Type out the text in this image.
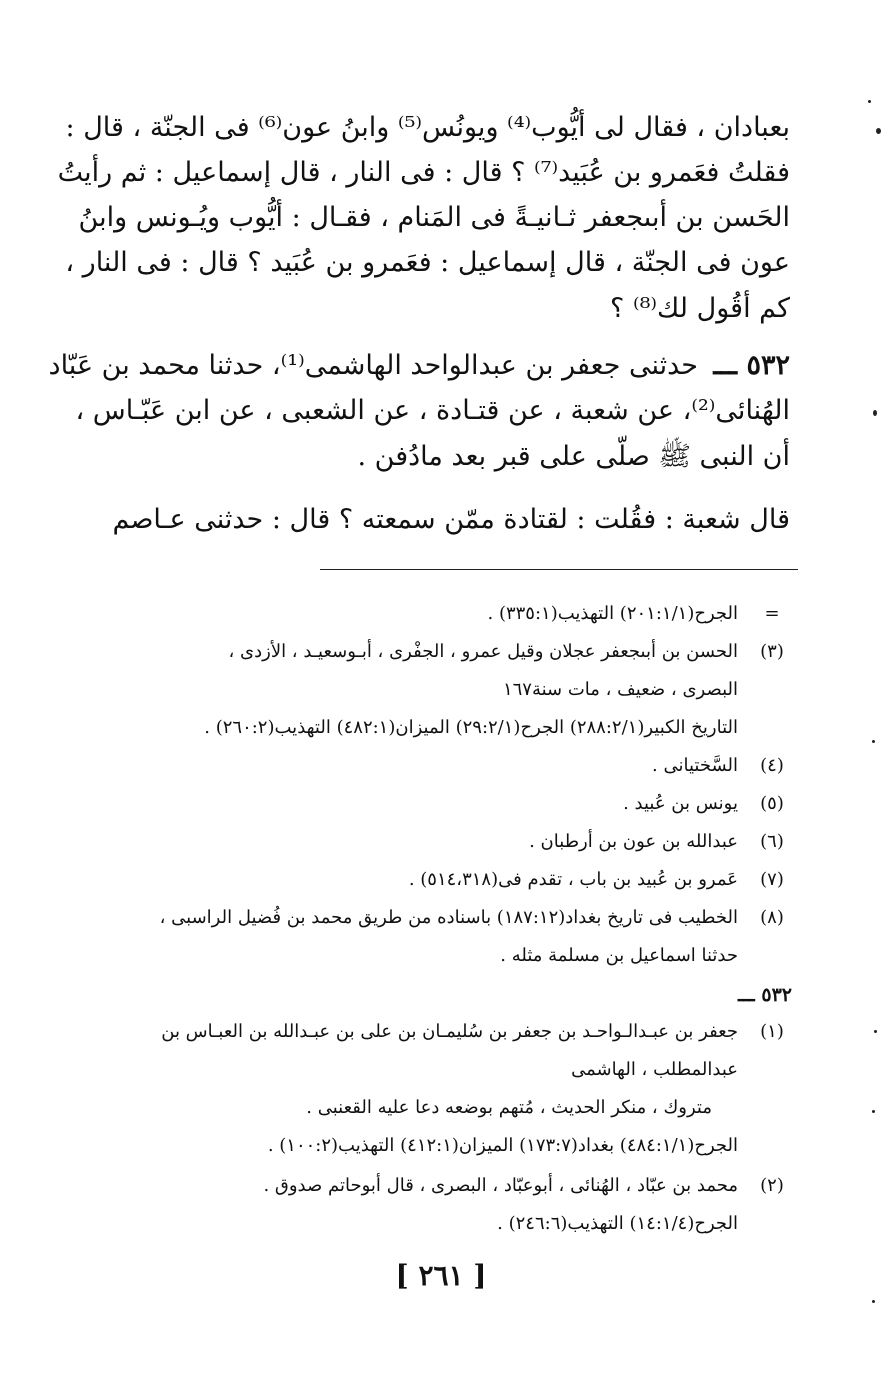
بعبادان ، فقال لى أيُّوب⁽⁴⁾ ويونُس⁽⁵⁾ وابنُ عون⁽⁶⁾ فى الجنّة ، قال :
فقلتُ فعَمرو بن عُبَيد⁽⁷⁾ ؟ قال : فى النار ، قال إسماعيل : ثم رأيتُ
الحَسن بن أبىجعفر ثـانيـةً فى المَنام ، فقـال : أيُّوب ويُـونس وابنُ
عون فى الجنّة ، قال إسماعيل : فعَمرو بن عُبَيد ؟ قال : فى النار ،
كم أقُول لك⁽⁸⁾ ؟
٥٣٢ ـــ
حدثنى جعفر بن عبدالواحد الهاشمى⁽¹⁾، حدثنا محمد بن عَبّاد
الهُنائى⁽²⁾، عن شعبة ، عن قتـادة ، عن الشعبى ، عن ابن عَبّـاس ،
أن النبى ﷺ صلّى على قبر بعد مادُفن .
قال شعبة : فقُلت : لقتادة ممّن سمعته ؟ قال : حدثنى عـاصم
=
الجرح(٢٠١:١/١) التهذيب(٣٣٥:١) .
(٣)
الحسن بن أبىجعفر عجلان وقيل عمرو ، الجفْرى ، أبـوسعيـد ، الأزدى ،
البصرى ، ضعيف ، مات سنة١٦٧
التاريخ الكبير(٢٨٨:٢/١) الجرح(٢٩:٢/١) الميزان(٤٨٢:١) التهذيب(٢٦٠:٢) .
(٤)
السَّختيانى .
(٥)
يونس بن عُبيد .
(٦)
عبدالله بن عون بن أرطبان .
(٧)
عَمرو بن عُبيد بن باب ، تقدم فى(٥١٤،٣١٨) .
(٨)
الخطيب فى تاريخ بغداد(١٨٧:١٢) باسناده من طريق محمد بن فُضيل الراسبى ،
حدثنا اسماعيل بن مسلمة مثله .
٥٣٢ ـــ
(١)
جعفر بن عبـدالـواحـد بن جعفر بن سُليمـان بن على بن عبـدالله بن العبـاس بن
عبدالمطلب ، الهاشمى
متروك ، منكر الحديث ، مُتهم بوضعه دعا عليه القعنبى .
الجرح(٤٨٤:١/١) بغداد(١٧٣:٧) الميزان(٤١٢:١) التهذيب(١٠٠:٢) .
(٢)
محمد بن عبّاد ، الهُنائى ، أبوعبّاد ، البصرى ، قال أبوحاتم صدوق .
الجرح(١٤:١/٤) التهذيب(٢٤٦:٦) .
[ ٢٦١ ]
